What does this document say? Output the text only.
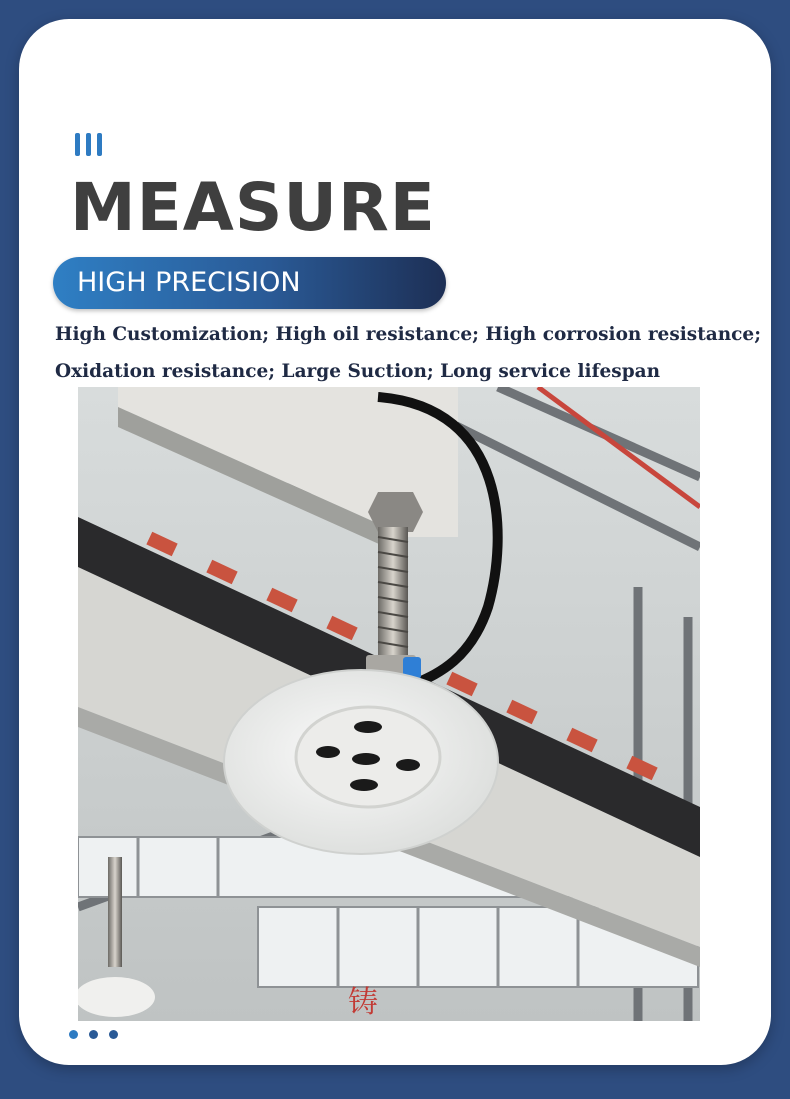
MEASURE
HIGH PRECISION
High Customization; High oil resistance; High corrosion resistance;
Oxidation resistance; Large Suction; Long service lifespan
铸
